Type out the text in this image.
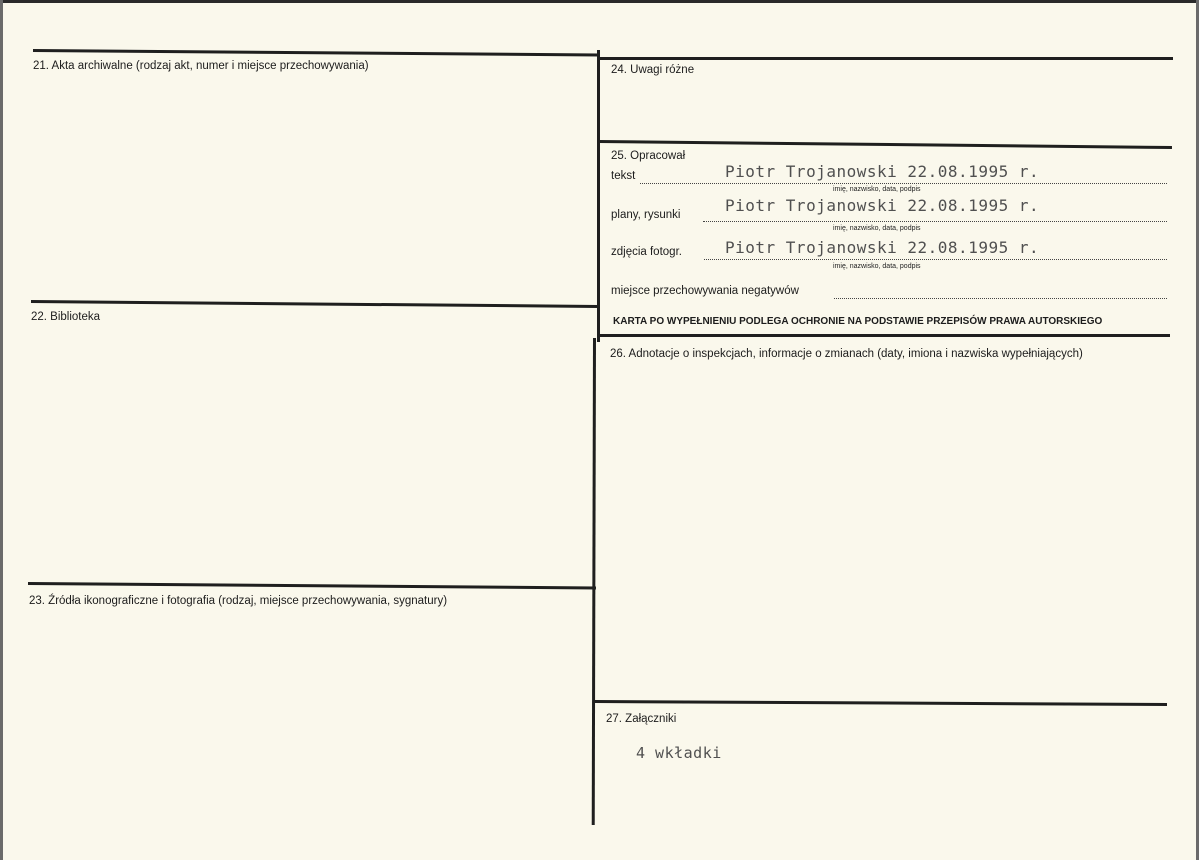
21. Akta archiwalne (rodzaj akt, numer i miejsce przechowywania)
22. Biblioteka
23. Źródła ikonograficzne i fotografia (rodzaj, miejsce przechowywania, sygnatury)
24. Uwagi różne
25. Opracował
tekst	Piotr Trojanowski 22.08.1995 r.
imię, nazwisko, data, podpis
plany, rysunki	Piotr Trojanowski 22.08.1995 r.
imię, nazwisko, data, podpis
zdjęcia fotogr.	Piotr Trojanowski 22.08.1995 r.
imię, nazwisko, data, podpis
miejsce przechowywania negatywów
KARTA PO WYPEŁNIENIU PODLEGA OCHRONIE NA PODSTAWIE PRZEPISÓW PRAWA AUTORSKIEGO
26. Adnotacje o inspekcjach, informacje o zmianach (daty, imiona i nazwiska wypełniających)
27. Załączniki
4 wkładki
